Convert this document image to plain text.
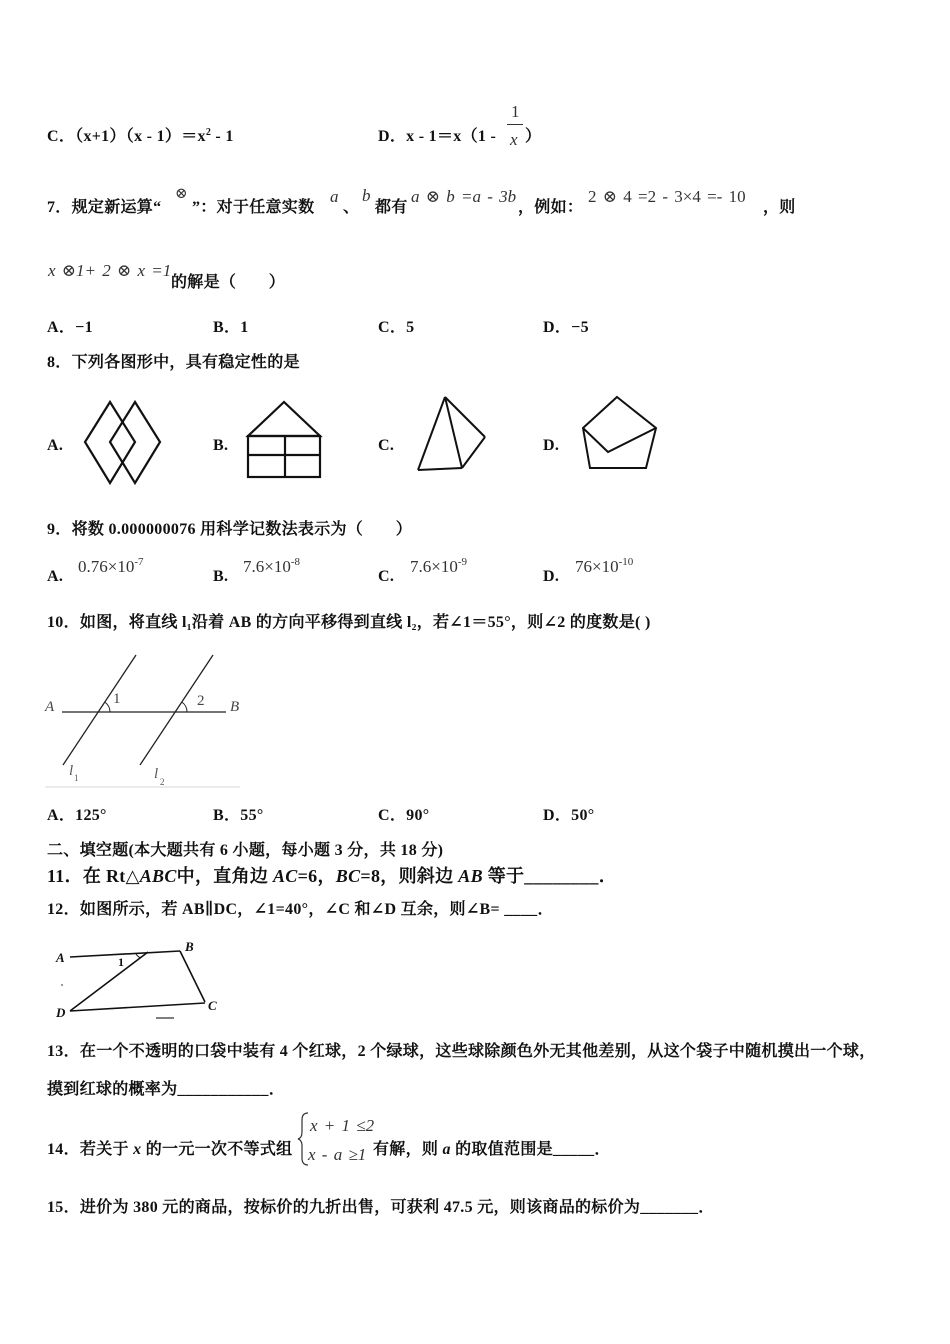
C．$(x+1)(x - 1)=x^2 - 1$	D．x - 1＝x（1 -
1
x ）
7．规定新运算“
⊗
”：对于任意实数
a
、
b
都有
a ⊗ b =a - 3b
，例如：
2 ⊗ 4 =2 - 3×4 =- 10
，则
x ⊗1+ 2 ⊗ x =1
的解是（　　）
A．−1	B．1	C．5	D．−5
8．下列各图形中，具有稳定性的是
A.	B.	C.	D.
9．将数 0.000000076 用科学记数法表示为（　　）
A.
$0.76\times 10^{-7}$
B.
$7.6\times 10^{-8}$
C.
$7.6\times 10^{-9}$
D.
$76\times 10^{-10}$
10．如图，将直线 l₁沿着 AB 的方向平移得到直线 l₂，若∠1＝55°，则∠2 的度数是( )
A	B
1	2
l 1	l 2
A．125°	B．55°	C．90°	D．50°
二、填空题(本大题共有 6 小题，每小题 3 分，共 18 分)
11．在 Rt△ABC中，直角边 AC=6，BC=8，则斜边 AB 等于________．
12．如图所示，若 AB∥DC，∠1=40°，∠C 和∠D 互余，则∠B= ____．
A
B
C
D
1
13．在一个不透明的口袋中装有 4 个红球，2 个绿球，这些球除颜色外无其他差别，从这个袋子中随机摸出一个球，
摸到红球的概率为___________．
14．若关于 x 的一元一次不等式组
x + 1 ≤2
x - a ≥1 有解，则 a 的取值范围是_____．
15．进价为 380 元的商品，按标价的九折出售，可获利 47.5 元，则该商品的标价为_______．
